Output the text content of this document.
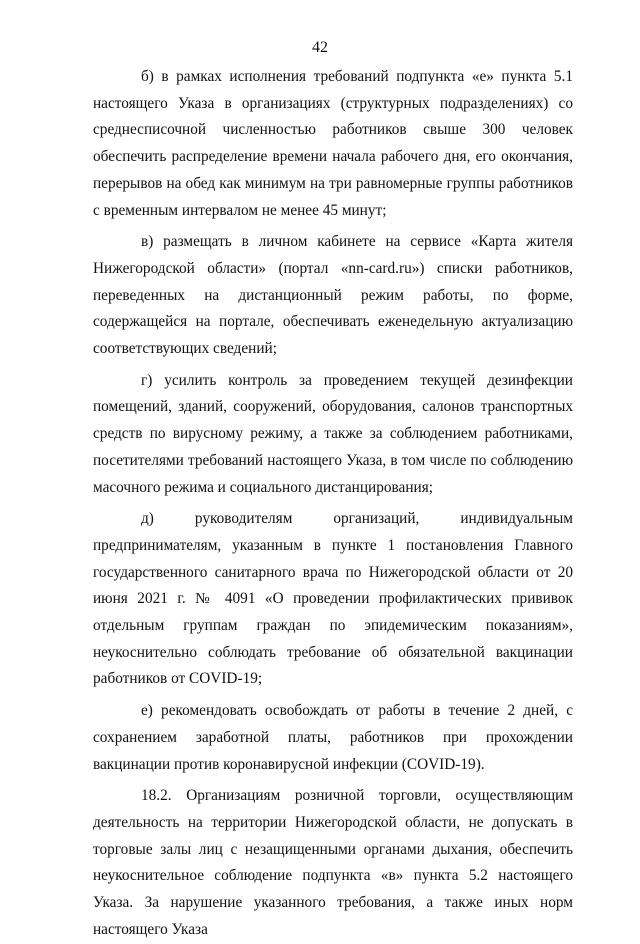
42

б) в рамках исполнения требований подпункта «е» пункта 5.1 настоящего Указа в организациях (структурных подразделениях) со среднесписочной численностью работников свыше 300 человек обеспечить распределение времени начала рабочего дня, его окончания, перерывов на обед как минимум на три равномерные группы работников с временным интервалом не менее 45 минут;

в) размещать в личном кабинете на сервисе «Карта жителя Нижегородской области» (портал «nn-card.ru») списки работников, переведенных на дистанционный режим работы, по форме, содержащейся на портале, обеспечивать еженедельную актуализацию соответствующих сведений;

г) усилить контроль за проведением текущей дезинфекции помещений, зданий, сооружений, оборудования, салонов транспортных средств по вирусному режиму, а также за соблюдением работниками, посетителями требований настоящего Указа, в том числе по соблюдению масочного режима и социального дистанцирования;

д) руководителям организаций, индивидуальным предпринимателям, указанным в пункте 1 постановления Главного государственного санитарного врача по Нижегородской области от 20 июня 2021 г. № 4091 «О проведении профилактических прививок отдельным группам граждан по эпидемическим показаниям», неукоснительно соблюдать требование об обязательной вакцинации работников от COVID-19;

е) рекомендовать освобождать от работы в течение 2 дней, с сохранением заработной платы, работников при прохождении вакцинации против коронавирусной инфекции (COVID-19).

18.2. Организациям розничной торговли, осуществляющим деятельность на территории Нижегородской области, не допускать в торговые залы лиц с незащищенными органами дыхания, обеспечить неукоснительное соблюдение подпункта «в» пункта 5.2 настоящего Указа. За нарушение указанного требования, а также иных норм настоящего Указа
